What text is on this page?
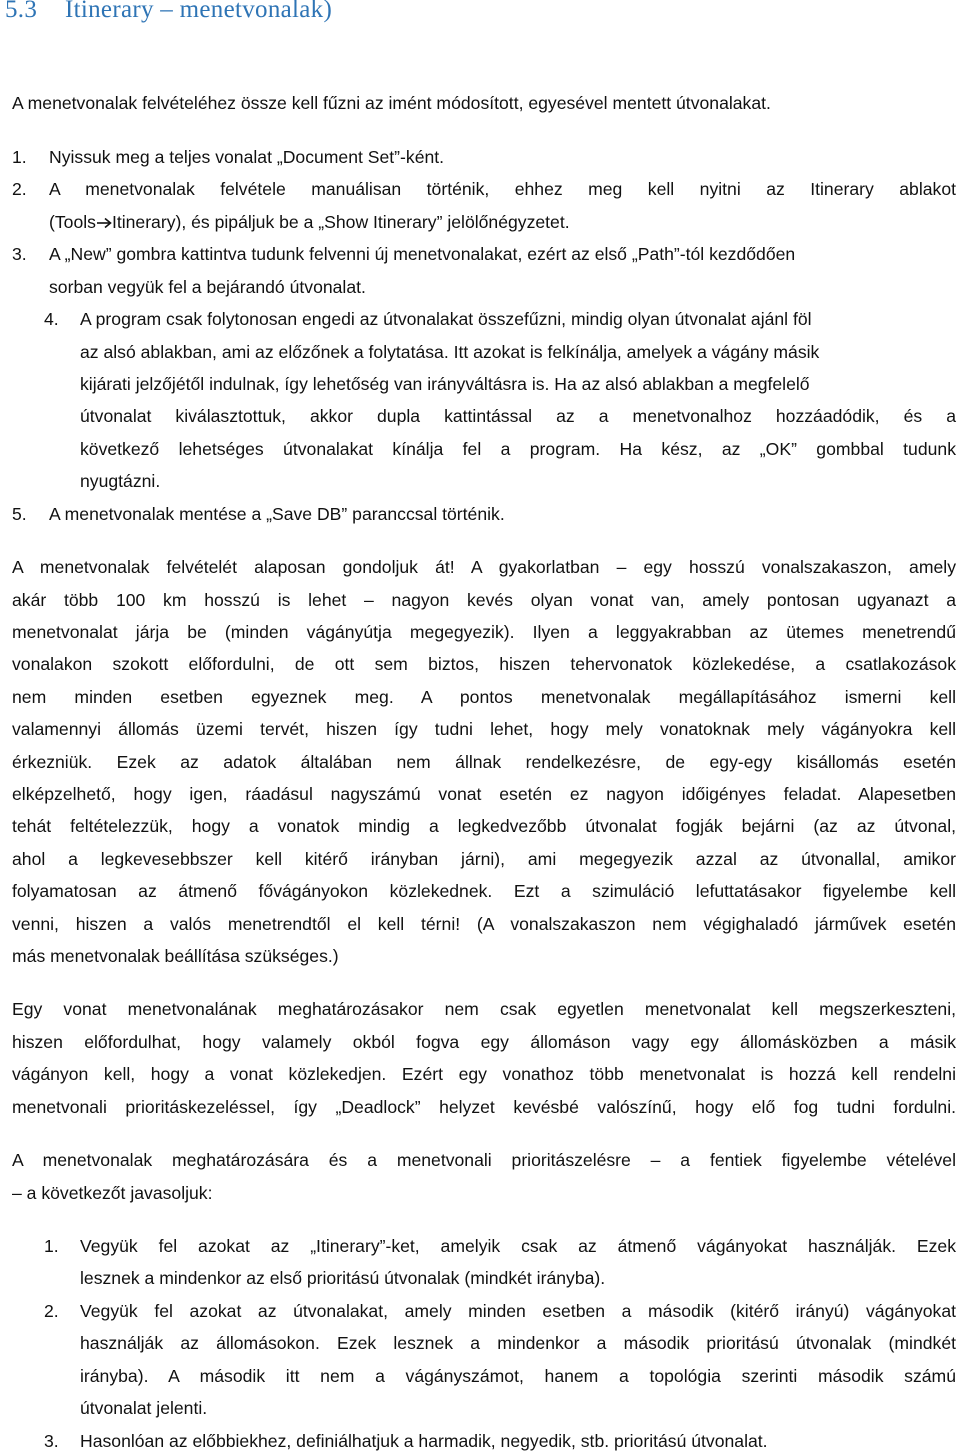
5.3 Itinerary – menetvonalak)

A menetvonalak felvételéhez össze kell fűzni az imént módosított, egyesével mentett útvonalakat.

1. Nyissuk meg a teljes vonalat „Document Set”-ként.

2. A menetvonalak felvétele manuálisan történik, ehhez meg kell nyitni az Itinerary ablakot

(Tools Itinerary), és pipáljuk be a „Show Itinerary” jelölőnégyzetet.

3. A „New” gombra kattintva tudunk felvenni új menetvonalakat, ezért az első „Path”-tól kezdődően

sorban vegyük fel a bejárandó útvonalat.

4. A program csak folytonosan engedi az útvonalakat összefűzni, mindig olyan útvonalat ajánl föl

az alsó ablakban, ami az előzőnek a folytatása. Itt azokat is felkínálja, amelyek a vágány másik

kijárati jelzőjétől indulnak, így lehetőség van irányváltásra is. Ha az alsó ablakban a megfelelő

útvonalat kiválasztottuk, akkor dupla kattintással az a menetvonalhoz hozzáadódik, és a

következő lehetséges útvonalakat kínálja fel a program. Ha kész, az „OK” gombbal tudunk

nyugtázni.

5. A menetvonalak mentése a „Save DB” paranccsal történik.

A menetvonalak felvételét alaposan gondoljuk át! A gyakorlatban – egy hosszú vonalszakaszon, amely

akár több 100 km hosszú is lehet – nagyon kevés olyan vonat van, amely pontosan ugyanazt a

menetvonalat járja be (minden vágányútja megegyezik). Ilyen a leggyakrabban az ütemes menetrendű

vonalakon szokott előfordulni, de ott sem biztos, hiszen tehervonatok közlekedése, a csatlakozások

nem minden esetben egyeznek meg. A pontos menetvonalak megállapításához ismerni kell

valamennyi állomás üzemi tervét, hiszen így tudni lehet, hogy mely vonatoknak mely vágányokra kell

érkezniük. Ezek az adatok általában nem állnak rendelkezésre, de egy-egy kisállomás esetén

elképzelhető, hogy igen, ráadásul nagyszámú vonat esetén ez nagyon időigényes feladat. Alapesetben

tehát feltételezzük, hogy a vonatok mindig a legkedvezőbb útvonalat fogják bejárni (az az útvonal,

ahol a legkevesebbszer kell kitérő irányban járni), ami megegyezik azzal az útvonallal, amikor

folyamatosan az átmenő fővágányokon közlekednek. Ezt a szimuláció lefuttatásakor figyelembe kell

venni, hiszen a valós menetrendtől el kell térni! (A vonalszakaszon nem végighaladó járművek esetén

más menetvonalak beállítása szükséges.)

Egy vonat menetvonalának meghatározásakor nem csak egyetlen menetvonalat kell megszerkeszteni,

hiszen előfordulhat, hogy valamely okból fogva egy állomáson vagy egy állomásközben a másik

vágányon kell, hogy a vonat közlekedjen. Ezért egy vonathoz több menetvonalat is hozzá kell rendelni

menetvonali prioritáskezeléssel, így „Deadlock” helyzet kevésbé valószínű, hogy elő fog tudni fordulni.

A menetvonalak meghatározására és a menetvonali prioritászelésre – a fentiek figyelembe vételével

– a következőt javasoljuk:

1. Vegyük fel azokat az „Itinerary”-ket, amelyik csak az átmenő vágányokat használják. Ezek

lesznek a mindenkor az első prioritású útvonalak (mindkét irányba).

2. Vegyük fel azokat az útvonalakat, amely minden esetben a második (kitérő irányú) vágányokat

használják az állomásokon. Ezek lesznek a mindenkor a második prioritású útvonalak (mindkét

irányba). A második itt nem a vágányszámot, hanem a topológia szerinti második számú

útvonalat jelenti.

3. Hasonlóan az előbbiekhez, definiálhatjuk a harmadik, negyedik, stb. prioritású útvonalat.
